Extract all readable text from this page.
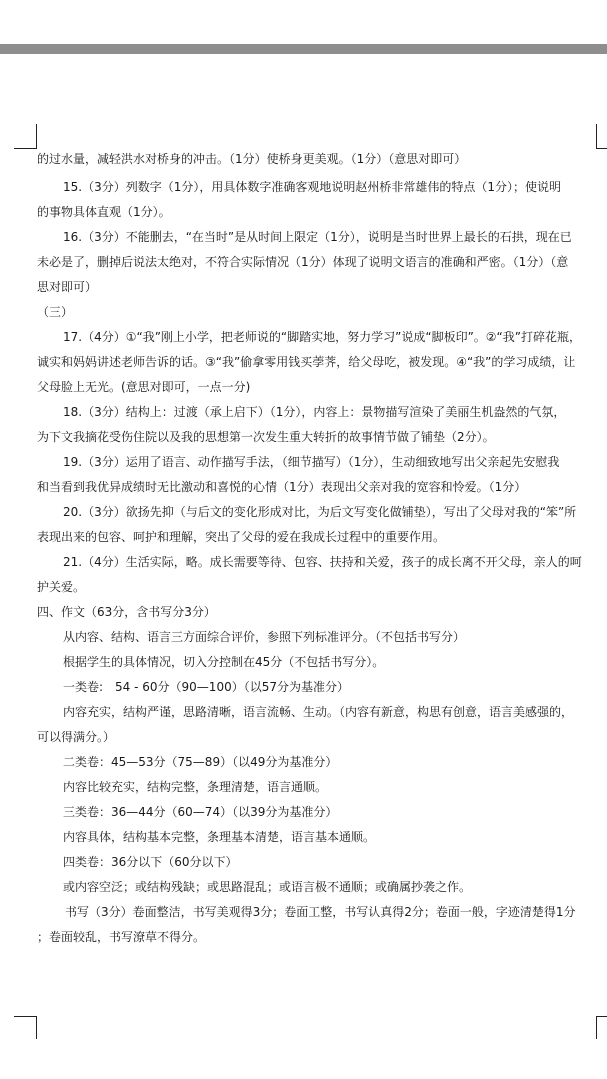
的过水量，减轻洪水对桥身的冲击。（1分）使桥身更美观。（1分）（意思对即可）
15.（3分）列数字（1分），用具体数字准确客观地说明赵州桥非常雄伟的特点（1分）；使说明
的事物具体直观（1分）。
16.（3分）不能删去，“在当时”是从时间上限定（1分），说明是当时世界上最长的石拱，现在已
未必是了，删掉后说法太绝对，不符合实际情况（1分）体现了说明文语言的准确和严密。（1分）（意
思对即可）
（三）
17.（4分）①“我”刚上小学，把老师说的“脚踏实地，努力学习”说成“脚板印”。②“我”打碎花瓶，
诚实和妈妈讲述老师告诉的话。③“我”偷拿零用钱买荸荠，给父母吃，被发现。④“我”的学习成绩，让
父母脸上无光。(意思对即可，一点一分)
18.（3分）结构上：过渡（承上启下）（1分），内容上：景物描写渲染了美丽生机盎然的气氛，
为下文我摘花受伤住院以及我的思想第一次发生重大转折的故事情节做了铺垫（2分）。
19.（3分）运用了语言、动作描写手法，（细节描写）（1分），生动细致地写出父亲起先安慰我
和当看到我优异成绩时无比激动和喜悦的心情（1分）表现出父亲对我的宽容和怜爱。（1分）
20.（3分）欲扬先抑（与后文的变化形成对比，为后文写变化做铺垫），写出了父母对我的“笨”所
表现出来的包容、呵护和理解，突出了父母的爱在我成长过程中的重要作用。
21.（4分）生活实际，略。成长需要等待、包容、扶持和关爱，孩子的成长离不开父母，亲人的呵
护关爱。
四、作文（63分，含书写分3分）
从内容、结构、语言三方面综合评价，参照下列标准评分。（不包括书写分）
根据学生的具体情况，切入分控制在45分（不包括书写分）。
一类卷:　54 - 60分（90—100）（以57分为基准分）
内容充实，结构严谨，思路清晰，语言流畅、生动。（内容有新意，构思有创意，语言美感强的，
可以得满分。）
二类卷：45—53分（75—89）（以49分为基准分）
内容比较充实，结构完整，条理清楚，语言通顺。
三类卷：36—44分（60—74）（以39分为基准分）
内容具体，结构基本完整，条理基本清楚，语言基本通顺。
四类卷：36分以下（60分以下）
或内容空泛；或结构残缺；或思路混乱；或语言极不通顺；或确属抄袭之作。
书写（3分）卷面整洁，书写美观得3分；卷面工整，书写认真得2分；卷面一般，字迹清楚得1分
；卷面较乱，书写潦草不得分。
